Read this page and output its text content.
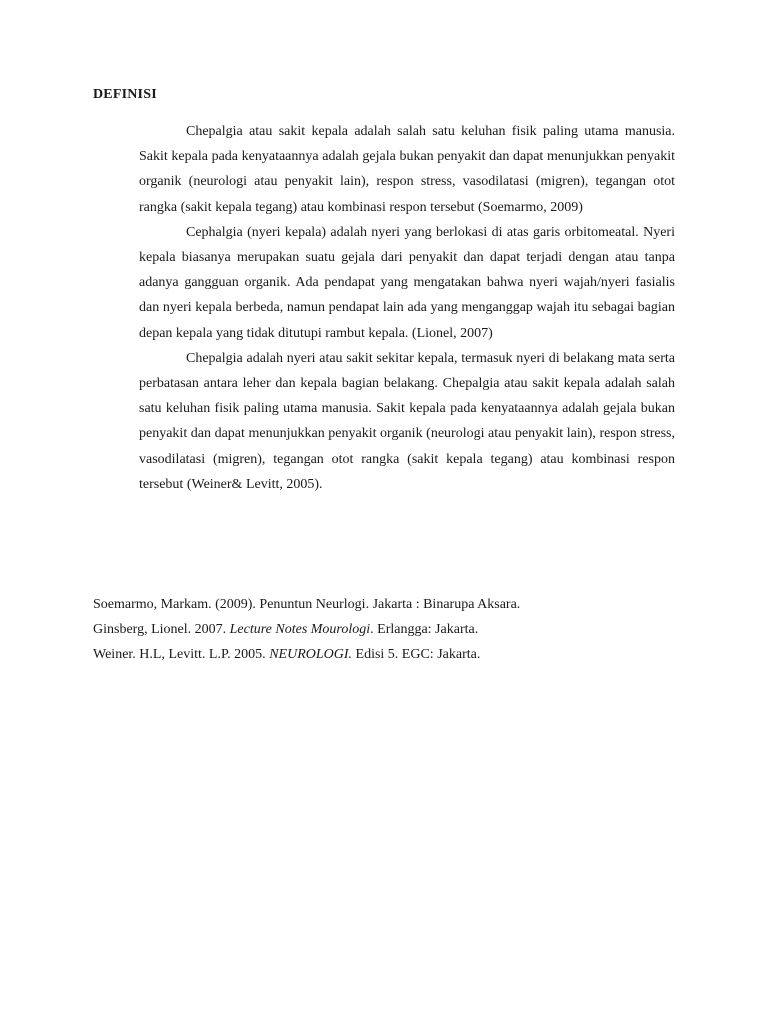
DEFINISI

Chepalgia atau sakit kepala adalah salah satu keluhan fisik paling utama manusia. Sakit kepala pada kenyataannya adalah gejala bukan penyakit dan dapat menunjukkan penyakit organik (neurologi atau penyakit lain), respon stress, vasodilatasi (migren), tegangan otot rangka (sakit kepala tegang) atau kombinasi respon tersebut (Soemarmo, 2009)

Cephalgia (nyeri kepala) adalah nyeri yang berlokasi di atas garis orbitomeatal. Nyeri kepala biasanya merupakan suatu gejala dari penyakit dan dapat terjadi dengan atau tanpa adanya gangguan organik. Ada pendapat yang mengatakan bahwa nyeri wajah/nyeri fasialis dan nyeri kepala berbeda, namun pendapat lain ada yang menganggap wajah itu sebagai bagian depan kepala yang tidak ditutupi rambut kepala. (Lionel, 2007)

Chepalgia adalah nyeri atau sakit sekitar kepala, termasuk nyeri di belakang mata serta perbatasan antara leher dan kepala bagian belakang. Chepalgia atau sakit kepala adalah salah satu keluhan fisik paling utama manusia. Sakit kepala pada kenyataannya adalah gejala bukan penyakit dan dapat menunjukkan penyakit organik (neurologi atau penyakit lain), respon stress, vasodilatasi (migren), tegangan otot rangka (sakit kepala tegang) atau kombinasi respon tersebut (Weiner& Levitt, 2005).

Soemarmo, Markam. (2009). Penuntun Neurlogi. Jakarta : Binarupa Aksara.
Ginsberg, Lionel. 2007. Lecture Notes Mourologi. Erlangga: Jakarta.
Weiner. H.L, Levitt. L.P. 2005. NEUROLOGI. Edisi 5. EGC: Jakarta.
